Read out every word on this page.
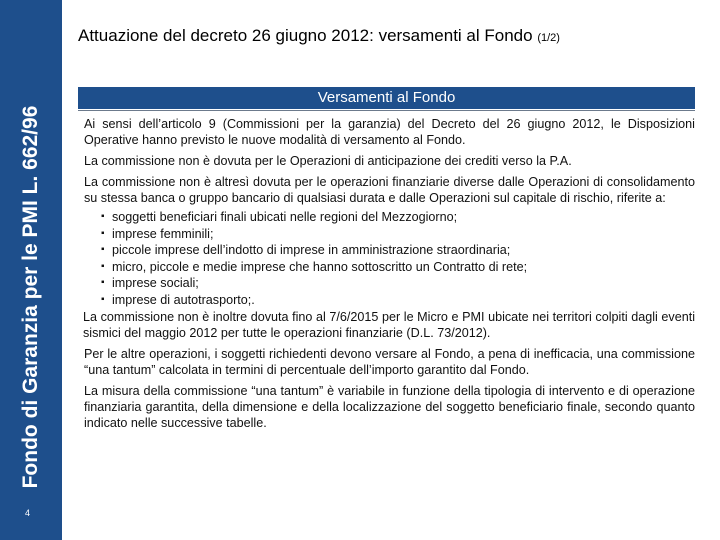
Fondo di Garanzia per le PMI L. 662/96
4
Attuazione del decreto 26 giugno 2012: versamenti al Fondo (1/2)
Versamenti al Fondo

Ai sensi dell’articolo 9 (Commissioni per la garanzia) del Decreto del 26 giugno 2012, le Disposizioni Operative hanno previsto le nuove modalità di versamento al Fondo.

La commissione non è dovuta per le Operazioni di anticipazione dei crediti verso la P.A.

La commissione non è altresì dovuta per le operazioni finanziarie diverse dalle Operazioni di consolidamento su stessa banca o gruppo bancario di qualsiasi durata e dalle Operazioni sul capitale di rischio, riferite a:

▪ soggetti beneficiari finali ubicati nelle regioni del Mezzogiorno;
▪ imprese femminili;
▪ piccole imprese dell’indotto di imprese in amministrazione straordinaria;
▪ micro, piccole e medie imprese che hanno sottoscritto un Contratto di rete;
▪ imprese sociali;
▪ imprese di autotrasporto;.

La commissione non è inoltre dovuta fino al 7/6/2015 per le Micro e PMI ubicate nei territori colpiti dagli eventi sismici del maggio 2012 per tutte le operazioni finanziarie (D.L. 73/2012).

Per le altre operazioni, i soggetti richiedenti devono versare al Fondo, a pena di inefficacia, una commissione “una tantum” calcolata in termini di percentuale dell’importo garantito dal Fondo.

La misura della commissione “una tantum” è variabile in funzione della tipologia di intervento e di operazione finanziaria garantita, della dimensione e della localizzazione del soggetto beneficiario finale, secondo quanto indicato nelle successive tabelle.
